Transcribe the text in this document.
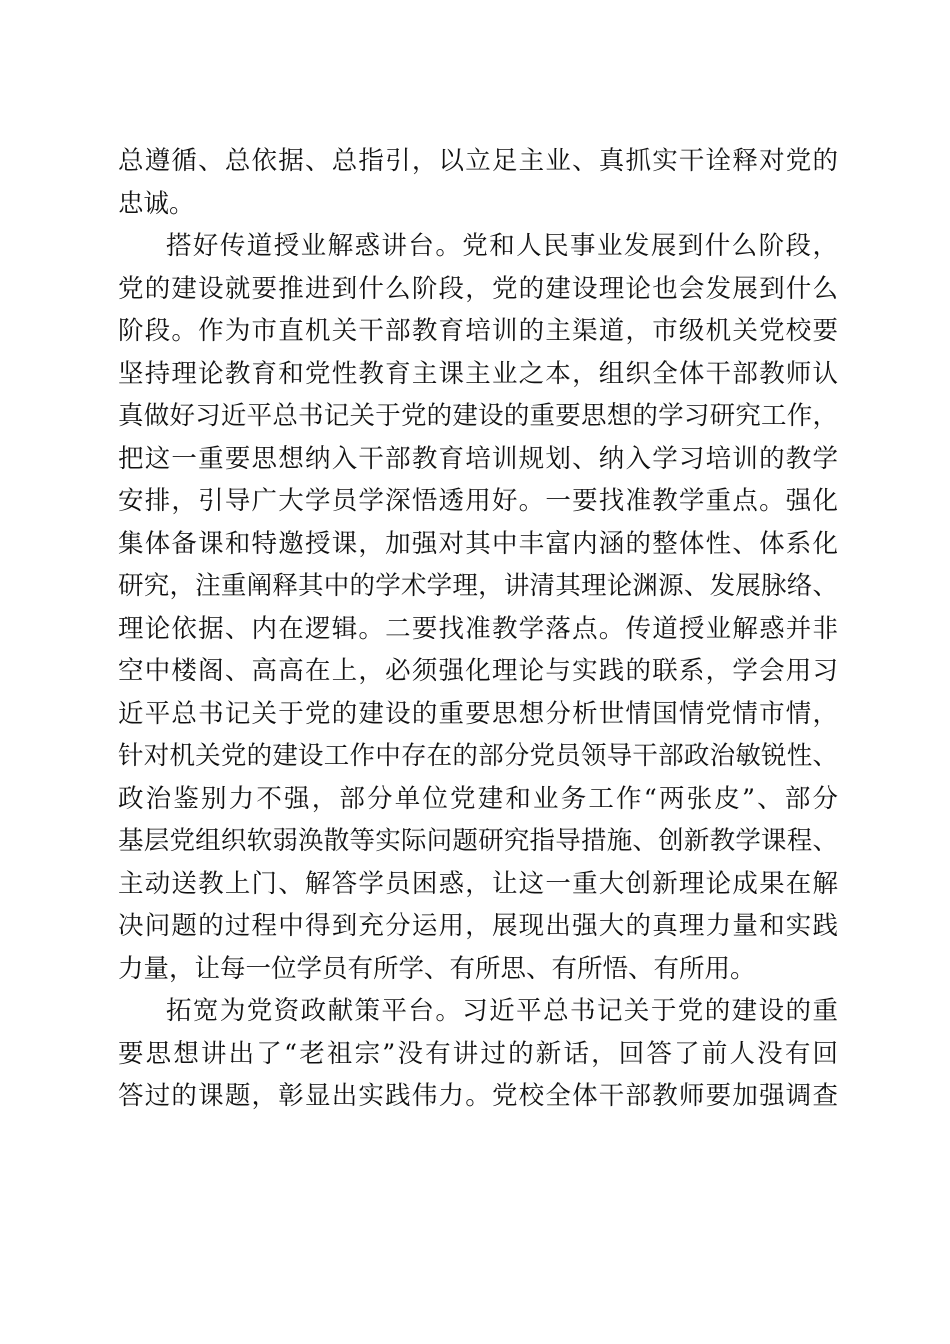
总遵循、总依据、总指引，以立足主业、真抓实干诠释对党的
忠诚。
搭好传道授业解惑讲台。党和人民事业发展到什么阶段，
党的建设就要推进到什么阶段，党的建设理论也会发展到什么
阶段。作为市直机关干部教育培训的主渠道，市级机关党校要
坚持理论教育和党性教育主课主业之本，组织全体干部教师认
真做好习近平总书记关于党的建设的重要思想的学习研究工作，
把这一重要思想纳入干部教育培训规划、纳入学习培训的教学
安排，引导广大学员学深悟透用好。一要找准教学重点。强化
集体备课和特邀授课，加强对其中丰富内涵的整体性、体系化
研究，注重阐释其中的学术学理，讲清其理论渊源、发展脉络、
理论依据、内在逻辑。二要找准教学落点。传道授业解惑并非
空中楼阁、高高在上，必须强化理论与实践的联系，学会用习
近平总书记关于党的建设的重要思想分析世情国情党情市情，
针对机关党的建设工作中存在的部分党员领导干部政治敏锐性、
政治鉴别力不强，部分单位党建和业务工作“两张皮”、部分
基层党组织软弱涣散等实际问题研究指导措施、创新教学课程、
主动送教上门、解答学员困惑，让这一重大创新理论成果在解
决问题的过程中得到充分运用，展现出强大的真理力量和实践
力量，让每一位学员有所学、有所思、有所悟、有所用。
拓宽为党资政献策平台。习近平总书记关于党的建设的重
要思想讲出了“老祖宗”没有讲过的新话，回答了前人没有回
答过的课题，彰显出实践伟力。党校全体干部教师要加强调查
